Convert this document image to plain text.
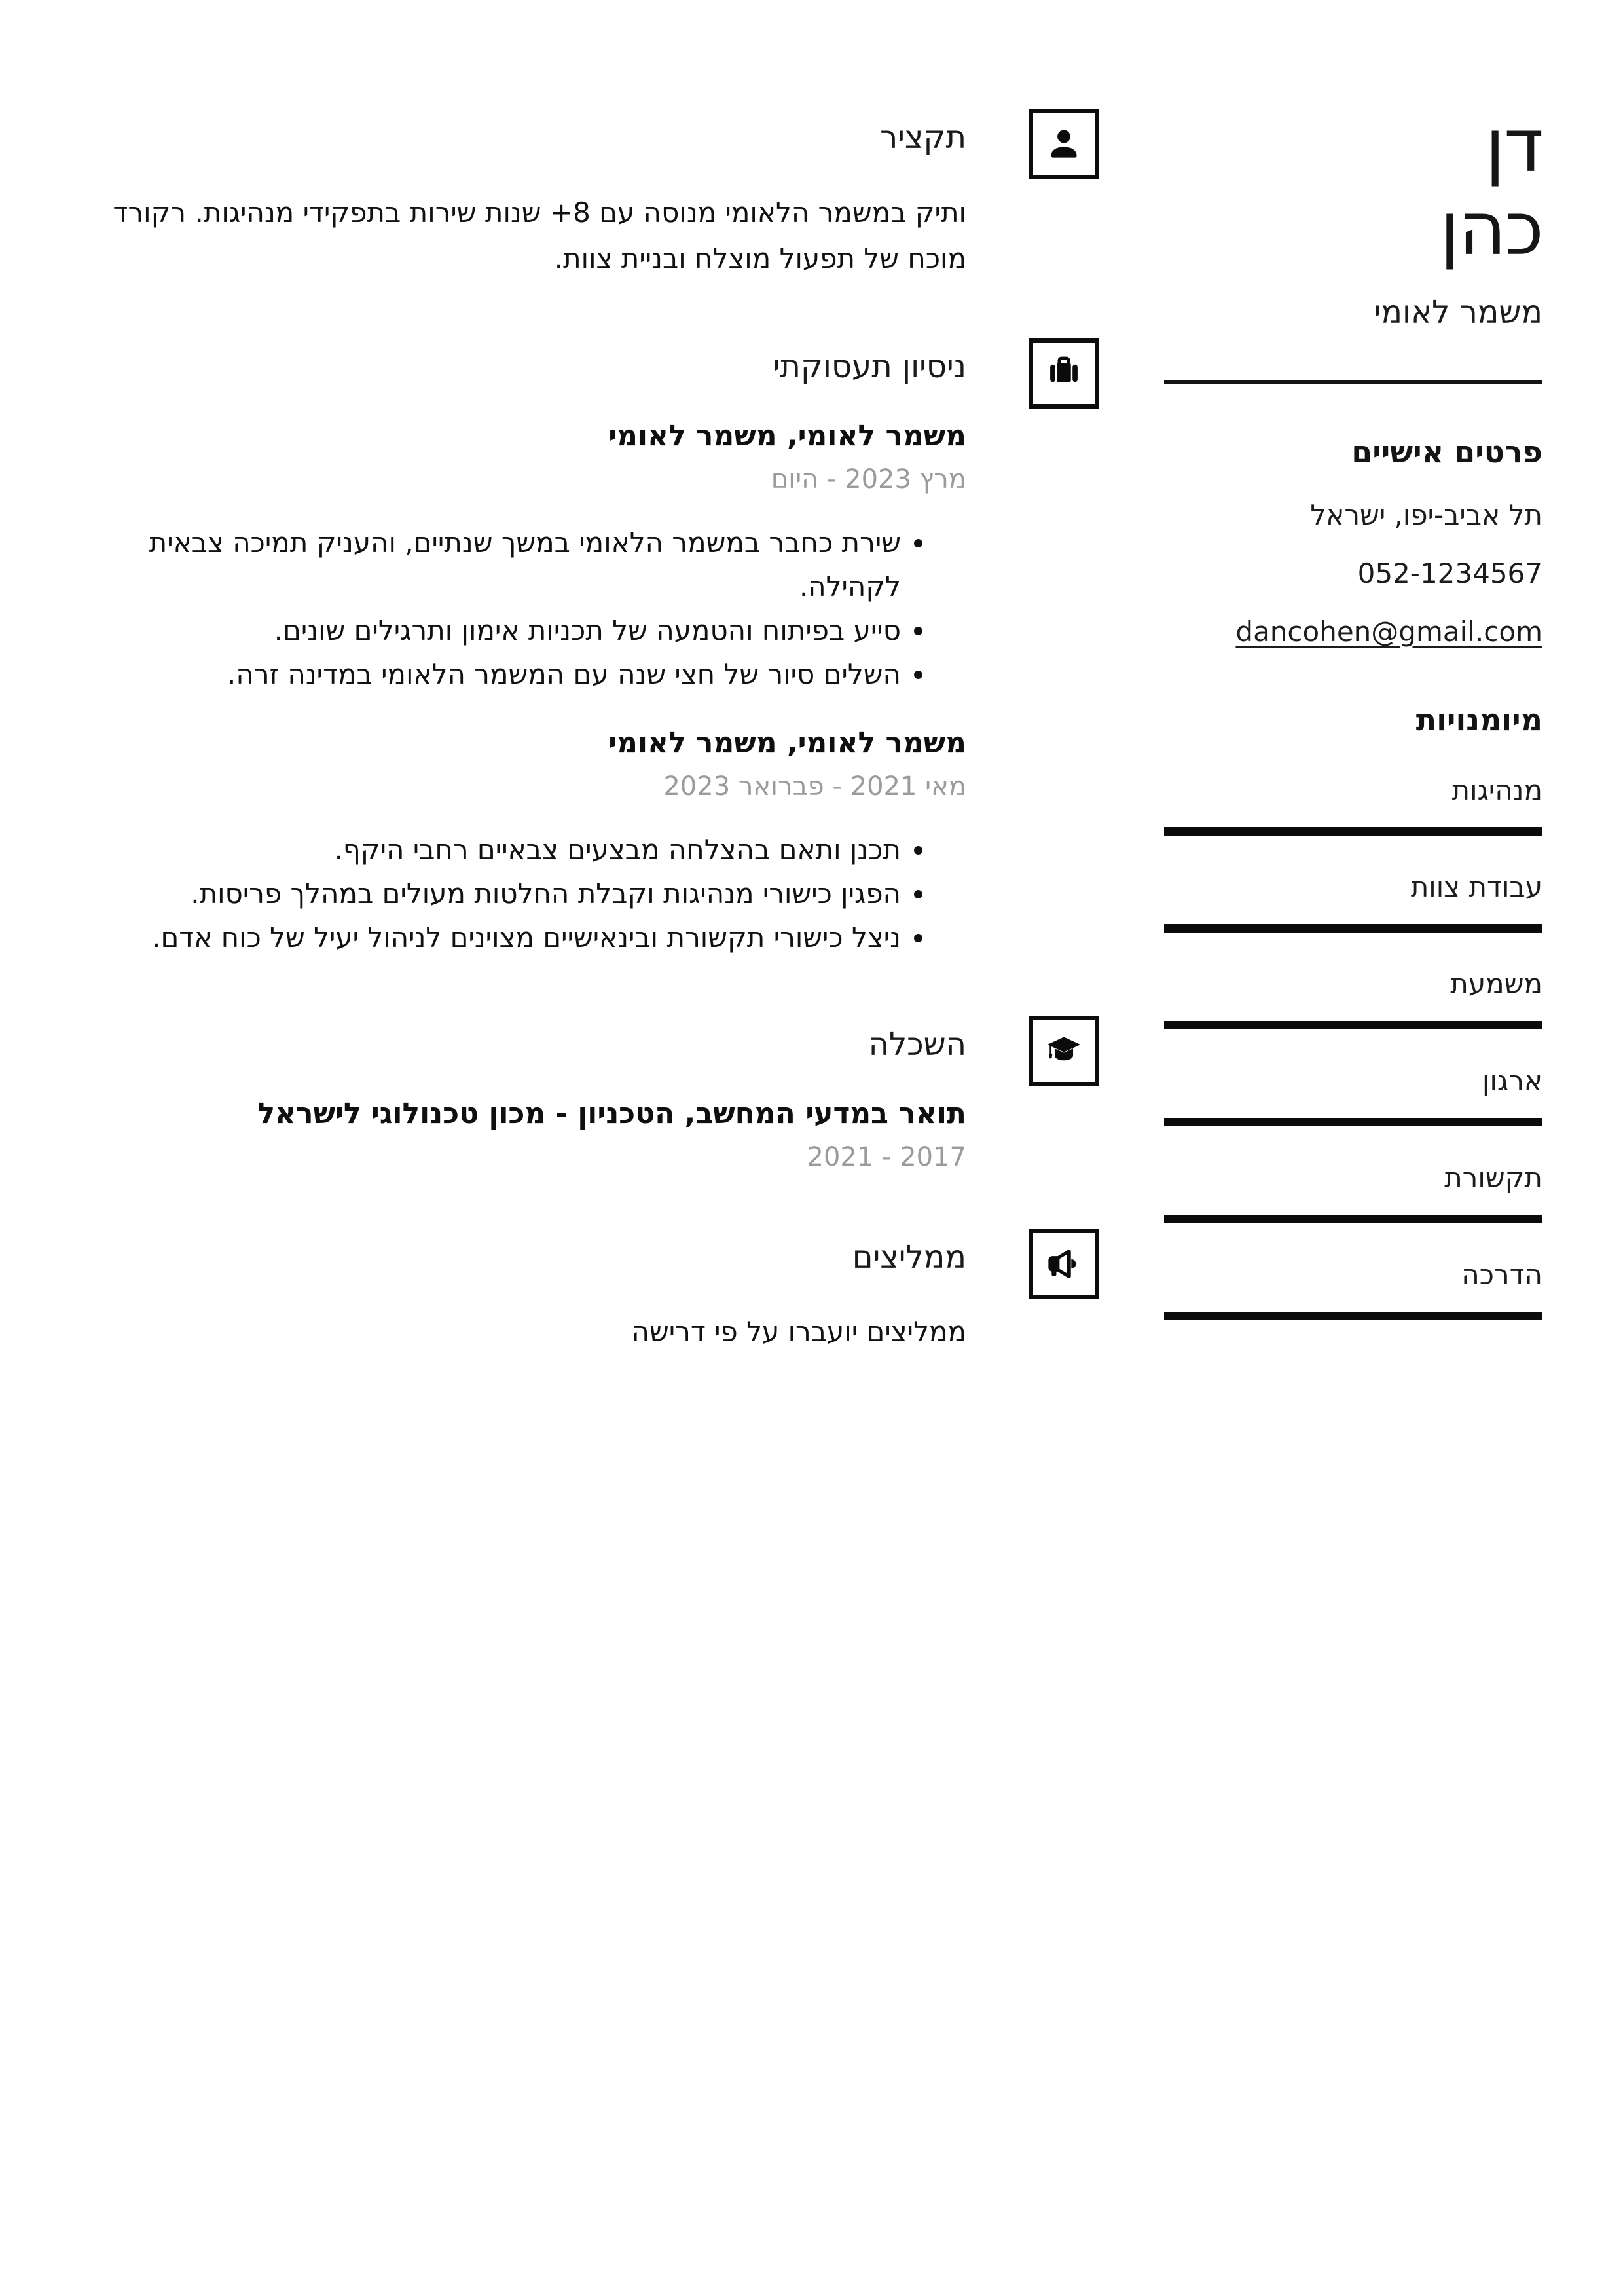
דן
כהן
משמר לאומי
פרטים אישיים
תל אביב-יפו, ישראל
052-1234567
dancohen@gmail.com
מיומנויות
מנהיגות
עבודת צוות
משמעת
ארגון
תקשורת
הדרכה
תקציר

ותיק במשמר הלאומי מנוסה עם 8+ שנות שירות בתפקידי מנהיגות. רקורד מוכח של תפעול מוצלח ובניית צוות.

ניסיון תעסוקתי
משמר לאומי, משמר לאומי
מרץ 2023 - היום
• שירת כחבר במשמר הלאומי במשך שנתיים, והעניק תמיכה צבאית לקהילה.
• סייע בפיתוח והטמעה של תכניות אימון ותרגילים שונים.
• השלים סיור של חצי שנה עם המשמר הלאומי במדינה זרה.
משמר לאומי, משמר לאומי
מאי 2021 - פברואר 2023
• תכנן ותאם בהצלחה מבצעים צבאיים רחבי היקף.
• הפגין כישורי מנהיגות וקבלת החלטות מעולים במהלך פריסות.
• ניצל כישורי תקשורת ובינאישיים מצוינים לניהול יעיל של כוח אדם.
השכלה
תואר במדעי המחשב, הטכניון - מכון טכנולוגי לישראל
2017 - 2021
ממליצים

ממליצים יועברו על פי דרישה
